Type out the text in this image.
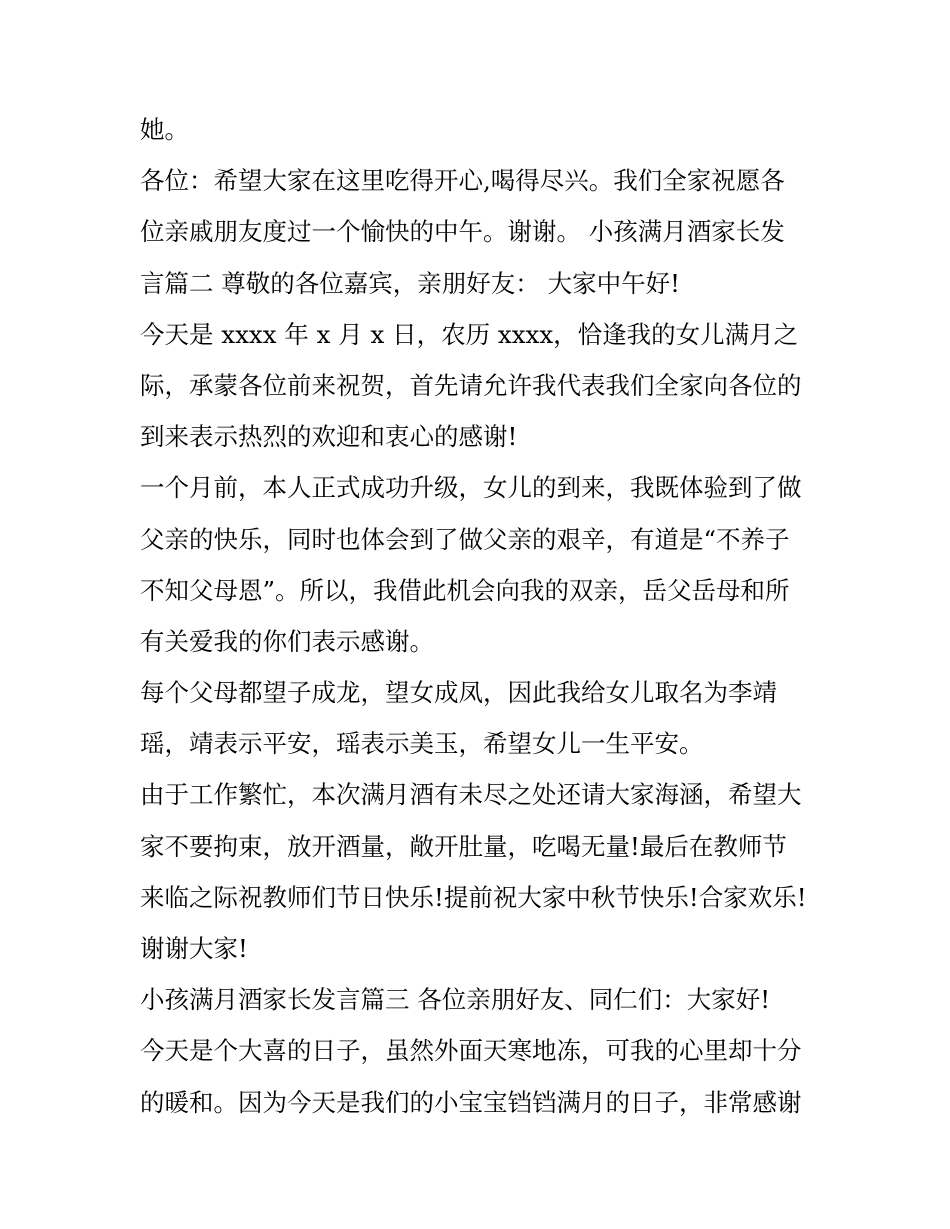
她。
各位：希望大家在这里吃得开心,喝得尽兴。我们全家祝愿各
位亲戚朋友度过一个愉快的中午。谢谢。 小孩满月酒家长发
言篇二 尊敬的各位嘉宾，亲朋好友： 大家中午好!
今天是 xxxx 年 x 月 x 日，农历 xxxx，恰逢我的女儿满月之
际，承蒙各位前来祝贺，首先请允许我代表我们全家向各位的
到来表示热烈的欢迎和衷心的感谢!
一个月前，本人正式成功升级，女儿的到来，我既体验到了做
父亲的快乐，同时也体会到了做父亲的艰辛，有道是“不养子
不知父母恩”。所以，我借此机会向我的双亲，岳父岳母和所
有关爱我的你们表示感谢。
每个父母都望子成龙，望女成凤，因此我给女儿取名为李靖
瑶，靖表示平安，瑶表示美玉，希望女儿一生平安。
由于工作繁忙，本次满月酒有未尽之处还请大家海涵，希望大
家不要拘束，放开酒量，敞开肚量，吃喝无量!最后在教师节
来临之际祝教师们节日快乐!提前祝大家中秋节快乐!合家欢乐!
谢谢大家!
小孩满月酒家长发言篇三 各位亲朋好友、同仁们：大家好!
今天是个大喜的日子，虽然外面天寒地冻，可我的心里却十分
的暖和。因为今天是我们的小宝宝铛铛满月的日子，非常感谢
